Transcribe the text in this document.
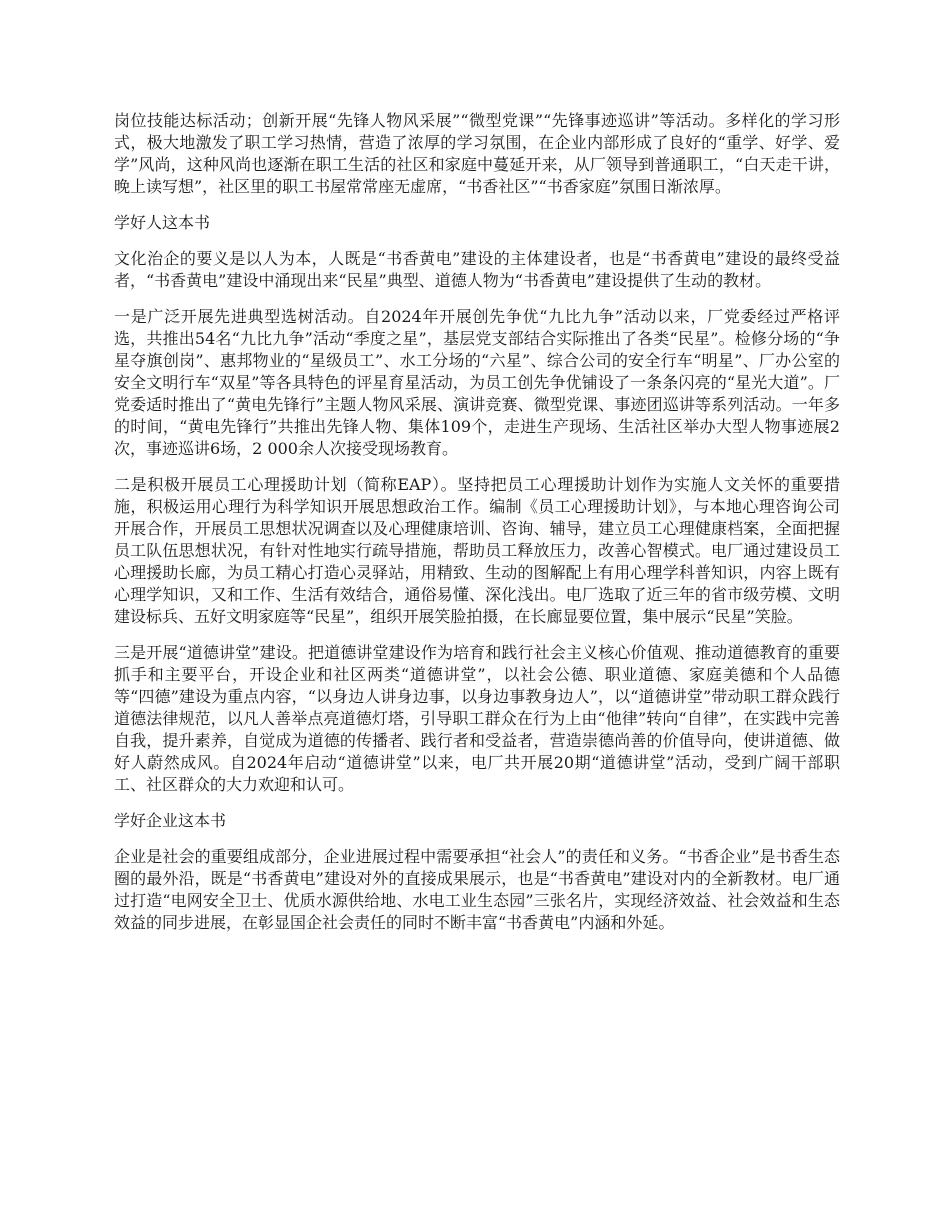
岗位技能达标活动；创新开展“先锋人物风采展”“微型党课”“先锋事迹巡讲”等活动。多样化的学习形式，极大地激发了职工学习热情，营造了浓厚的学习氛围，在企业内部形成了良好的“重学、好学、爱学”风尚，这种风尚也逐渐在职工生活的社区和家庭中蔓延开来，从厂领导到普通职工，“白天走干讲，晚上读写想”，社区里的职工书屋常常座无虚席，“书香社区”“书香家庭”氛围日渐浓厚。

学好人这本书

文化治企的要义是以人为本，人既是“书香黄电”建设的主体建设者，也是“书香黄电”建设的最终受益者，“书香黄电”建设中涌现出来“民星”典型、道德人物为“书香黄电”建设提供了生动的教材。

一是广泛开展先进典型选树活动。自2024年开展创先争优“九比九争”活动以来，厂党委经过严格评选，共推出54名“九比九争”活动“季度之星”，基层党支部结合实际推出了各类“民星”。检修分场的“争星夺旗创岗”、惠邦物业的“星级员工”、水工分场的“六星”、综合公司的安全行车“明星”、厂办公室的安全文明行车“双星”等各具特色的评星育星活动，为员工创先争优铺设了一条条闪亮的“星光大道”。厂党委适时推出了“黄电先锋行”主题人物风采展、演讲竞赛、微型党课、事迹团巡讲等系列活动。一年多的时间，“黄电先锋行”共推出先锋人物、集体109个，走进生产现场、生活社区举办大型人物事迹展2次，事迹巡讲6场，2 000余人次接受现场教育。

二是积极开展员工心理援助计划（简称EAP）。坚持把员工心理援助计划作为实施人文关怀的重要措施，积极运用心理行为科学知识开展思想政治工作。编制《员工心理援助计划》，与本地心理咨询公司开展合作，开展员工思想状况调查以及心理健康培训、咨询、辅导，建立员工心理健康档案，全面把握员工队伍思想状况，有针对性地实行疏导措施，帮助员工释放压力，改善心智模式。电厂通过建设员工心理援助长廊，为员工精心打造心灵驿站，用精致、生动的图解配上有用心理学科普知识，内容上既有心理学知识，又和工作、生活有效结合，通俗易懂、深化浅出。电厂选取了近三年的省市级劳模、文明建设标兵、五好文明家庭等“民星”，组织开展笑脸拍摄，在长廊显要位置，集中展示“民星”笑脸。

三是开展“道德讲堂”建设。把道德讲堂建设作为培育和践行社会主义核心价值观、推动道德教育的重要抓手和主要平台，开设企业和社区两类“道德讲堂”，以社会公德、职业道德、家庭美德和个人品德等“四德”建设为重点内容，“以身边人讲身边事，以身边事教身边人”，以“道德讲堂”带动职工群众践行道德法律规范，以凡人善举点亮道德灯塔，引导职工群众在行为上由“他律”转向“自律”，在实践中完善自我，提升素养，自觉成为道德的传播者、践行者和受益者，营造崇德尚善的价值导向，使讲道德、做好人蔚然成风。自2024年启动“道德讲堂”以来，电厂共开展20期“道德讲堂”活动，受到广阔干部职工、社区群众的大力欢迎和认可。

学好企业这本书

企业是社会的重要组成部分，企业进展过程中需要承担“社会人”的责任和义务。“书香企业”是书香生态圈的最外沿，既是“书香黄电”建设对外的直接成果展示，也是“书香黄电”建设对内的全新教材。电厂通过打造“电网安全卫士、优质水源供给地、水电工业生态园”三张名片，实现经济效益、社会效益和生态效益的同步进展，在彰显国企社会责任的同时不断丰富“书香黄电”内涵和外延。
